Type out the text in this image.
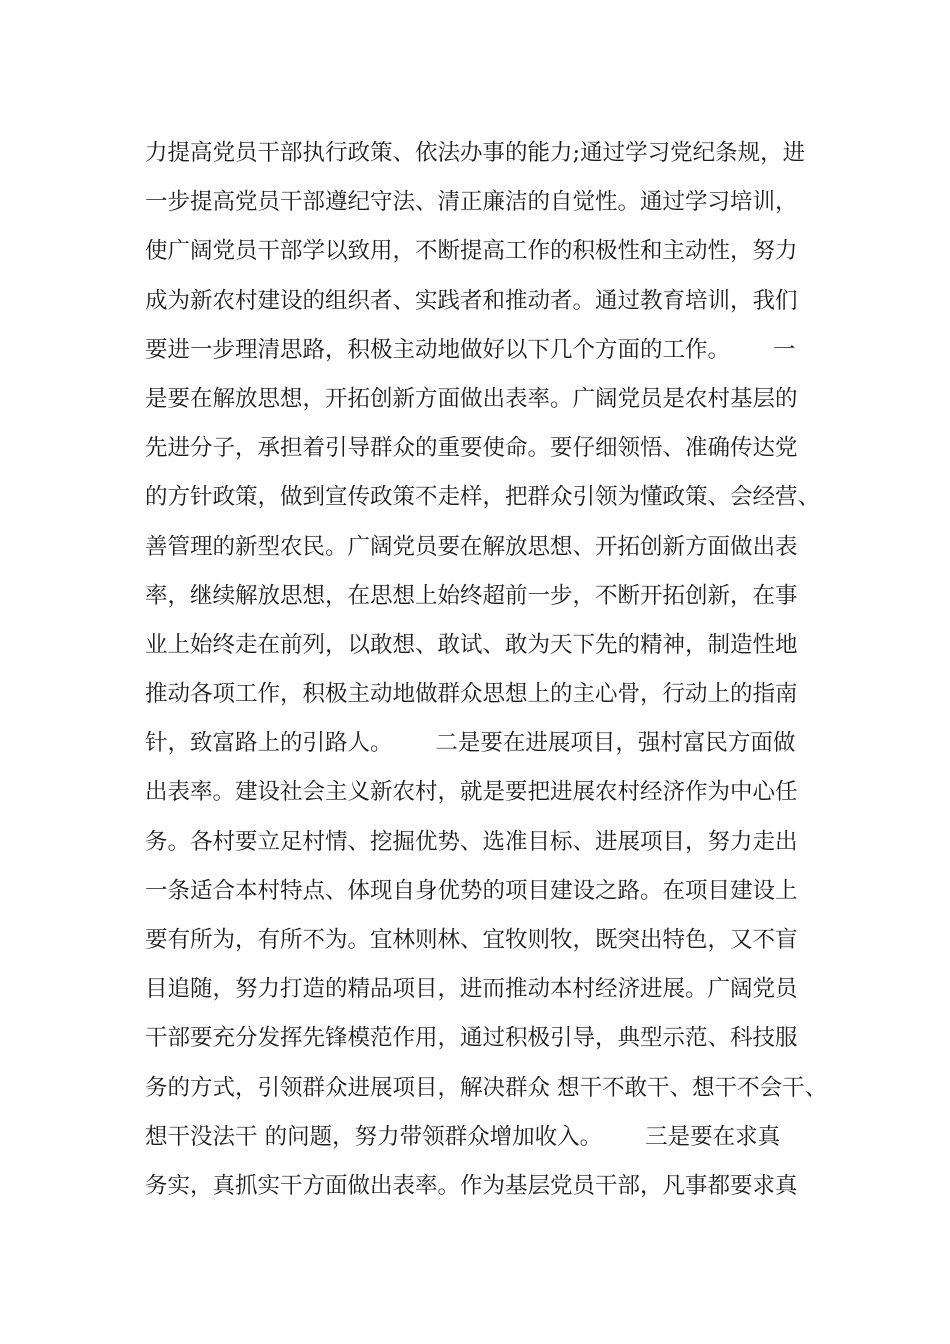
力提高党员干部执行政策、依法办事的能力;通过学习党纪条规，进
一步提高党员干部遵纪守法、清正廉洁的自觉性。通过学习培训，
使广阔党员干部学以致用，不断提高工作的积极性和主动性，努力
成为新农村建设的组织者、实践者和推动者。通过教育培训，我们
要进一步理清思路，积极主动地做好以下几个方面的工作。      一
是要在解放思想，开拓创新方面做出表率。广阔党员是农村基层的
先进分子，承担着引导群众的重要使命。要仔细领悟、准确传达党
的方针政策，做到宣传政策不走样，把群众引领为懂政策、会经营、
善管理的新型农民。广阔党员要在解放思想、开拓创新方面做出表
率，继续解放思想，在思想上始终超前一步，不断开拓创新，在事
业上始终走在前列，以敢想、敢试、敢为天下先的精神，制造性地
推动各项工作，积极主动地做群众思想上的主心骨，行动上的指南
针，致富路上的引路人。      二是要在进展项目，强村富民方面做
出表率。建设社会主义新农村，就是要把进展农村经济作为中心任
务。各村要立足村情、挖掘优势、选准目标、进展项目，努力走出
一条适合本村特点、体现自身优势的项目建设之路。在项目建设上
要有所为，有所不为。宜林则林、宜牧则牧，既突出特色，又不盲
目追随，努力打造的精品项目，进而推动本村经济进展。广阔党员
干部要充分发挥先锋模范作用，通过积极引导，典型示范、科技服
务的方式，引领群众进展项目，解决群众 想干不敢干、想干不会干、
想干没法干 的问题，努力带领群众增加收入。      三是要在求真
务实，真抓实干方面做出表率。作为基层党员干部，凡事都要求真
